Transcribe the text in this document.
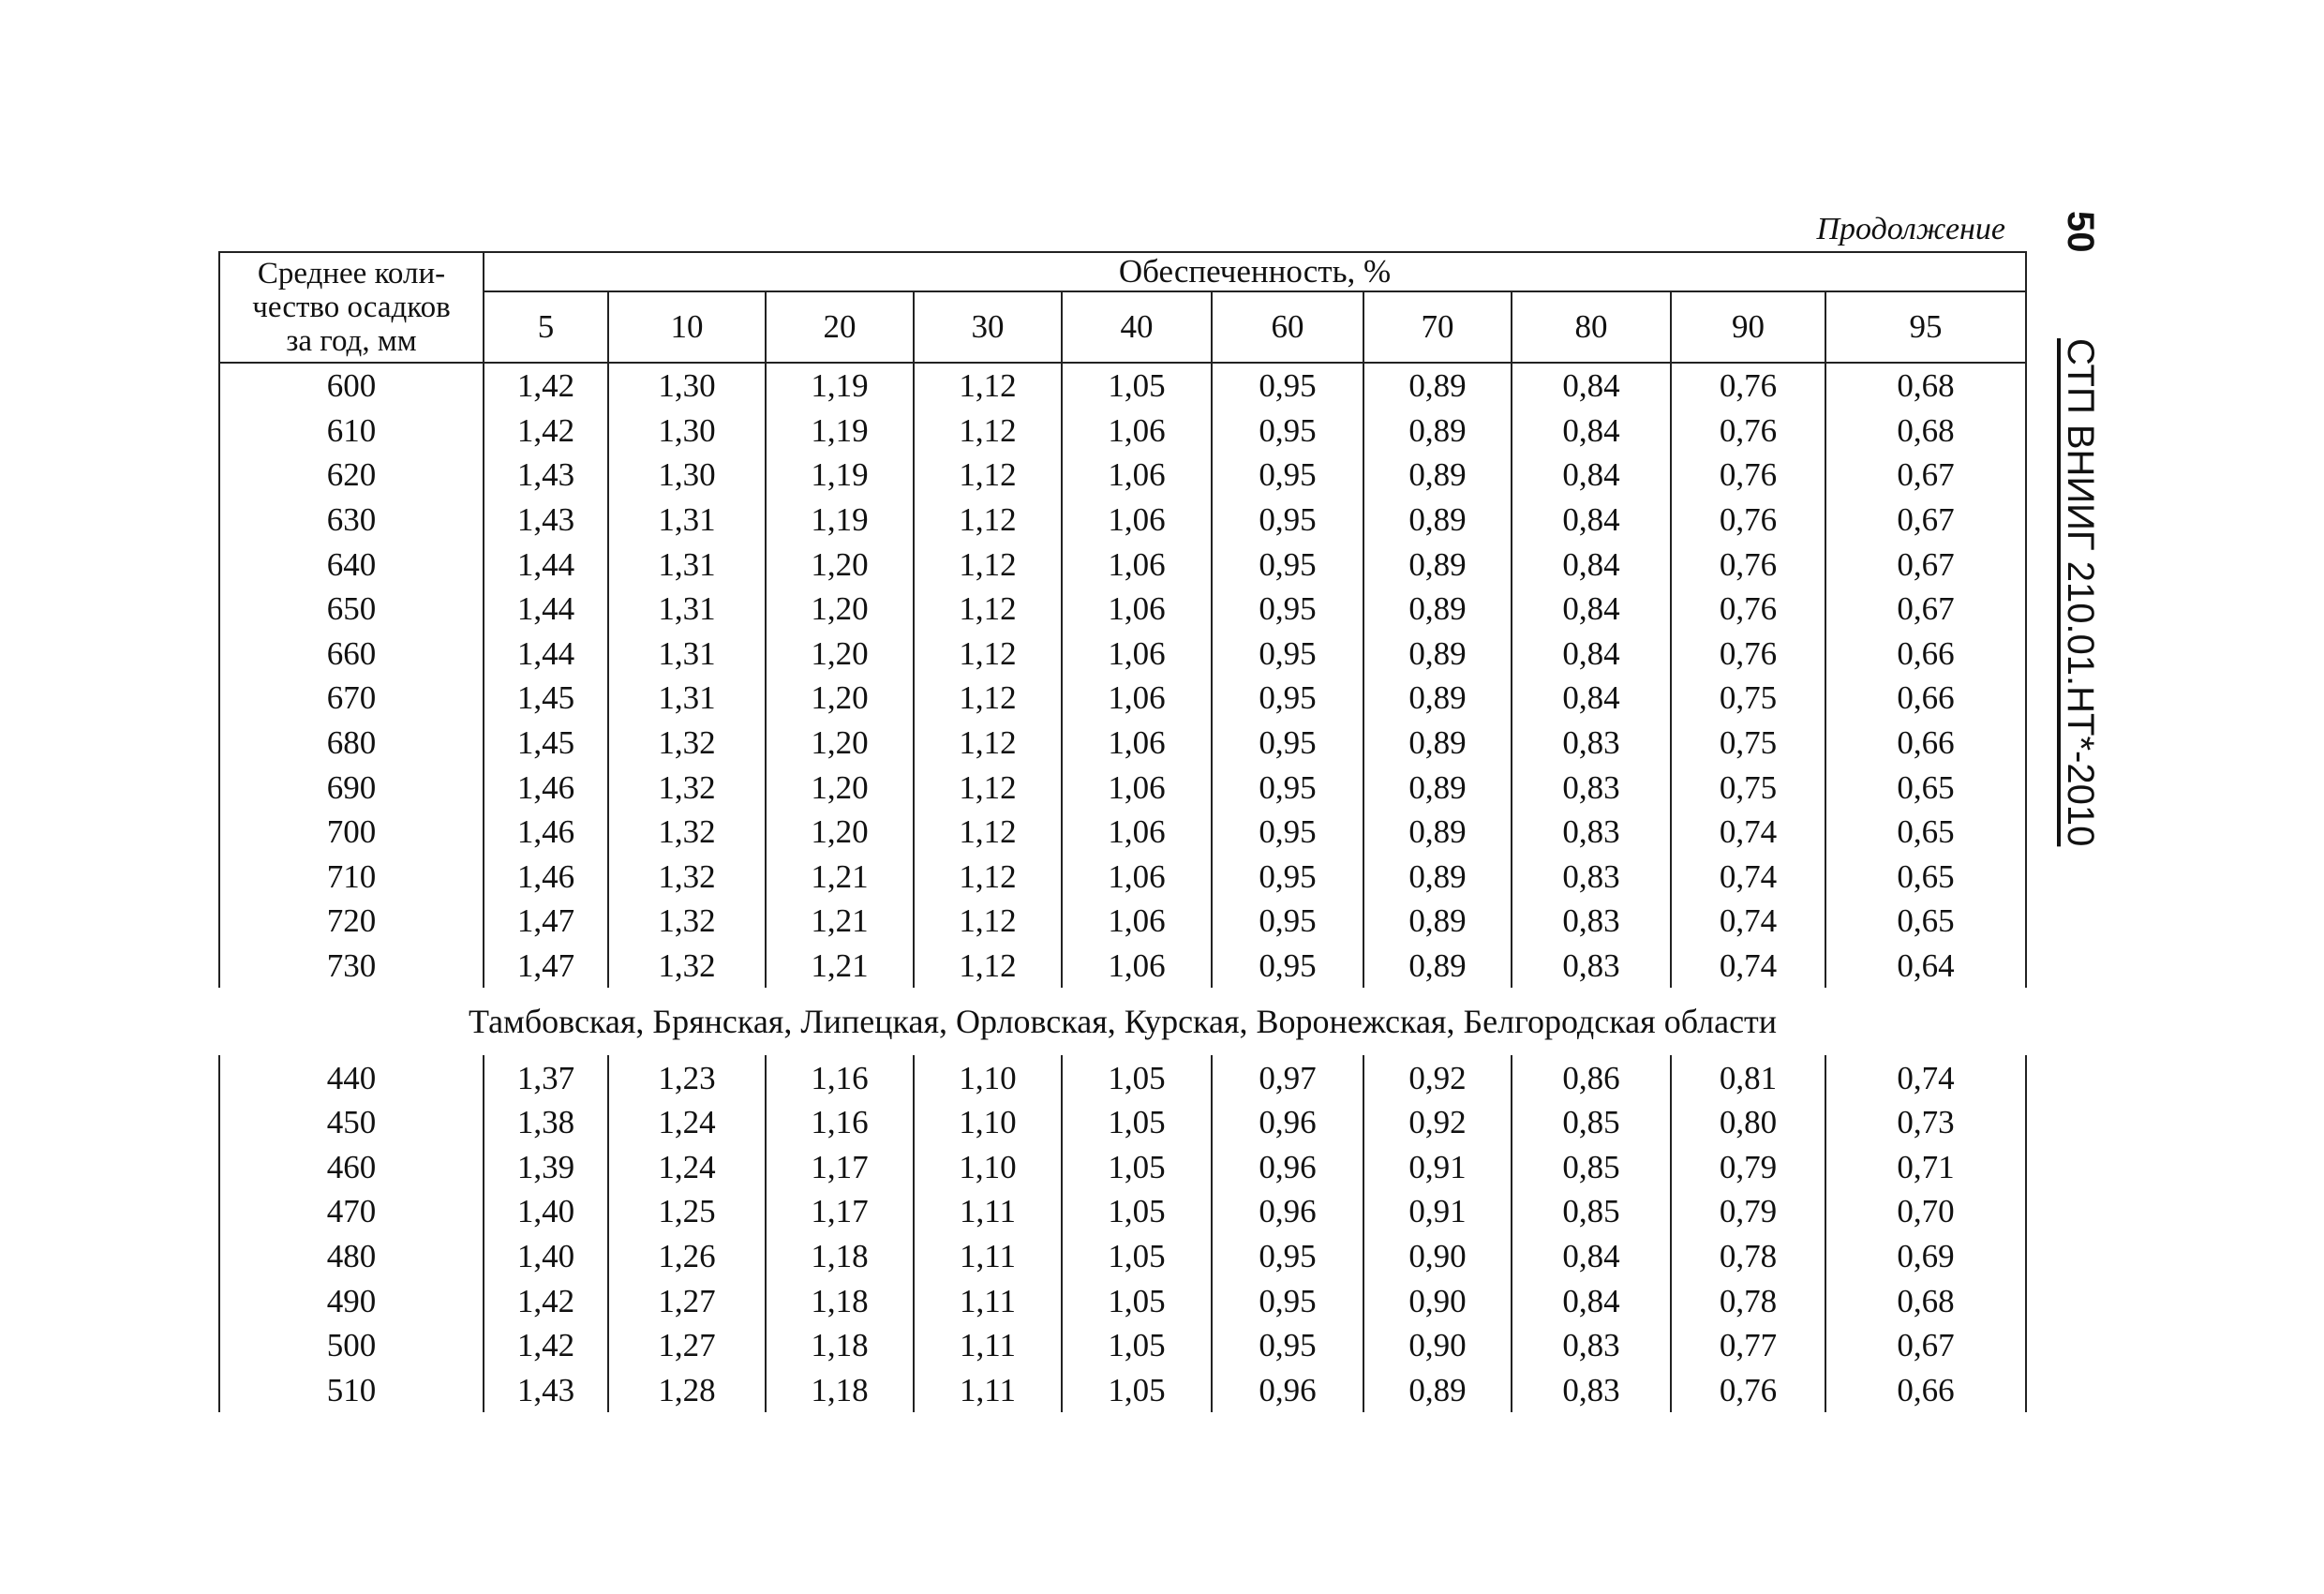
Продолжение 50 СТП ВНИИГ 210.01.НТ*-2010
Среднее коли-
чество осадков
за год, мм	Обеспеченность, %									
	5	10	20	30	40	60	70	80	90	95
600	1,42	1,30	1,19	1,12	1,05	0,95	0,89	0,84	0,76	0,68
610	1,42	1,30	1,19	1,12	1,06	0,95	0,89	0,84	0,76	0,68
620	1,43	1,30	1,19	1,12	1,06	0,95	0,89	0,84	0,76	0,67
630	1,43	1,31	1,19	1,12	1,06	0,95	0,89	0,84	0,76	0,67
640	1,44	1,31	1,20	1,12	1,06	0,95	0,89	0,84	0,76	0,67
650	1,44	1,31	1,20	1,12	1,06	0,95	0,89	0,84	0,76	0,67
660	1,44	1,31	1,20	1,12	1,06	0,95	0,89	0,84	0,76	0,66
670	1,45	1,31	1,20	1,12	1,06	0,95	0,89	0,84	0,75	0,66
680	1,45	1,32	1,20	1,12	1,06	0,95	0,89	0,83	0,75	0,66
690	1,46	1,32	1,20	1,12	1,06	0,95	0,89	0,83	0,75	0,65
700	1,46	1,32	1,20	1,12	1,06	0,95	0,89	0,83	0,74	0,65
710	1,46	1,32	1,21	1,12	1,06	0,95	0,89	0,83	0,74	0,65
720	1,47	1,32	1,21	1,12	1,06	0,95	0,89	0,83	0,74	0,65
730	1,47	1,32	1,21	1,12	1,06	0,95	0,89	0,83	0,74	0,64
Тамбовская, Брянская, Липецкая, Орловская, Курская, Воронежская, Белгородская области										
440	1,37	1,23	1,16	1,10	1,05	0,97	0,92	0,86	0,81	0,74
450	1,38	1,24	1,16	1,10	1,05	0,96	0,92	0,85	0,80	0,73
460	1,39	1,24	1,17	1,10	1,05	0,96	0,91	0,85	0,79	0,71
470	1,40	1,25	1,17	1,11	1,05	0,96	0,91	0,85	0,79	0,70
480	1,40	1,26	1,18	1,11	1,05	0,95	0,90	0,84	0,78	0,69
490	1,42	1,27	1,18	1,11	1,05	0,95	0,90	0,84	0,78	0,68
500	1,42	1,27	1,18	1,11	1,05	0,95	0,90	0,83	0,77	0,67
510	1,43	1,28	1,18	1,11	1,05	0,96	0,89	0,83	0,76	0,66
